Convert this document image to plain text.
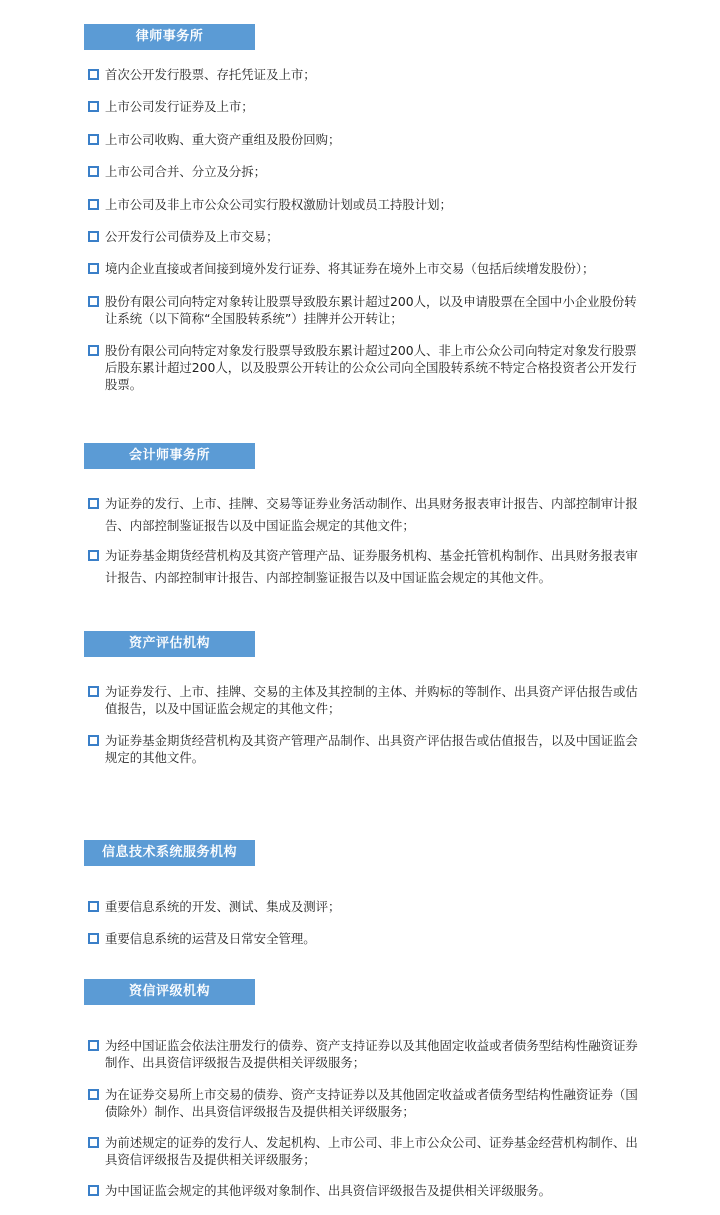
律师事务所
首次公开发行股票、存托凭证及上市；
上市公司发行证券及上市；
上市公司收购、重大资产重组及股份回购；
上市公司合并、分立及分拆；
上市公司及非上市公众公司实行股权激励计划或员工持股计划；
公开发行公司债券及上市交易；
境内企业直接或者间接到境外发行证券、将其证券在境外上市交易（包括后续增发股份）；
股份有限公司向特定对象转让股票导致股东累计超过200人，以及申请股票在全国中小企业股份转让系统（以下简称“全国股转系统”）挂牌并公开转让；
股份有限公司向特定对象发行股票导致股东累计超过200人、非上市公众公司向特定对象发行股票后股东累计超过200人，以及股票公开转让的公众公司向全国股转系统不特定合格投资者公开发行股票。
会计师事务所
为证券的发行、上市、挂牌、交易等证券业务活动制作、出具财务报表审计报告、内部控制审计报告、内部控制鉴证报告以及中国证监会规定的其他文件；
为证券基金期货经营机构及其资产管理产品、证券服务机构、基金托管机构制作、出具财务报表审计报告、内部控制审计报告、内部控制鉴证报告以及中国证监会规定的其他文件。
资产评估机构
为证券发行、上市、挂牌、交易的主体及其控制的主体、并购标的等制作、出具资产评估报告或估值报告，以及中国证监会规定的其他文件；
为证券基金期货经营机构及其资产管理产品制作、出具资产评估报告或估值报告，以及中国证监会规定的其他文件。
信息技术系统服务机构
重要信息系统的开发、测试、集成及测评；
重要信息系统的运营及日常安全管理。
资信评级机构
为经中国证监会依法注册发行的债券、资产支持证券以及其他固定收益或者债务型结构性融资证券制作、出具资信评级报告及提供相关评级服务；
为在证券交易所上市交易的债券、资产支持证券以及其他固定收益或者债务型结构性融资证券（国债除外）制作、出具资信评级报告及提供相关评级服务；
为前述规定的证券的发行人、发起机构、上市公司、非上市公众公司、证券基金经营机构制作、出具资信评级报告及提供相关评级服务；
为中国证监会规定的其他评级对象制作、出具资信评级报告及提供相关评级服务。
